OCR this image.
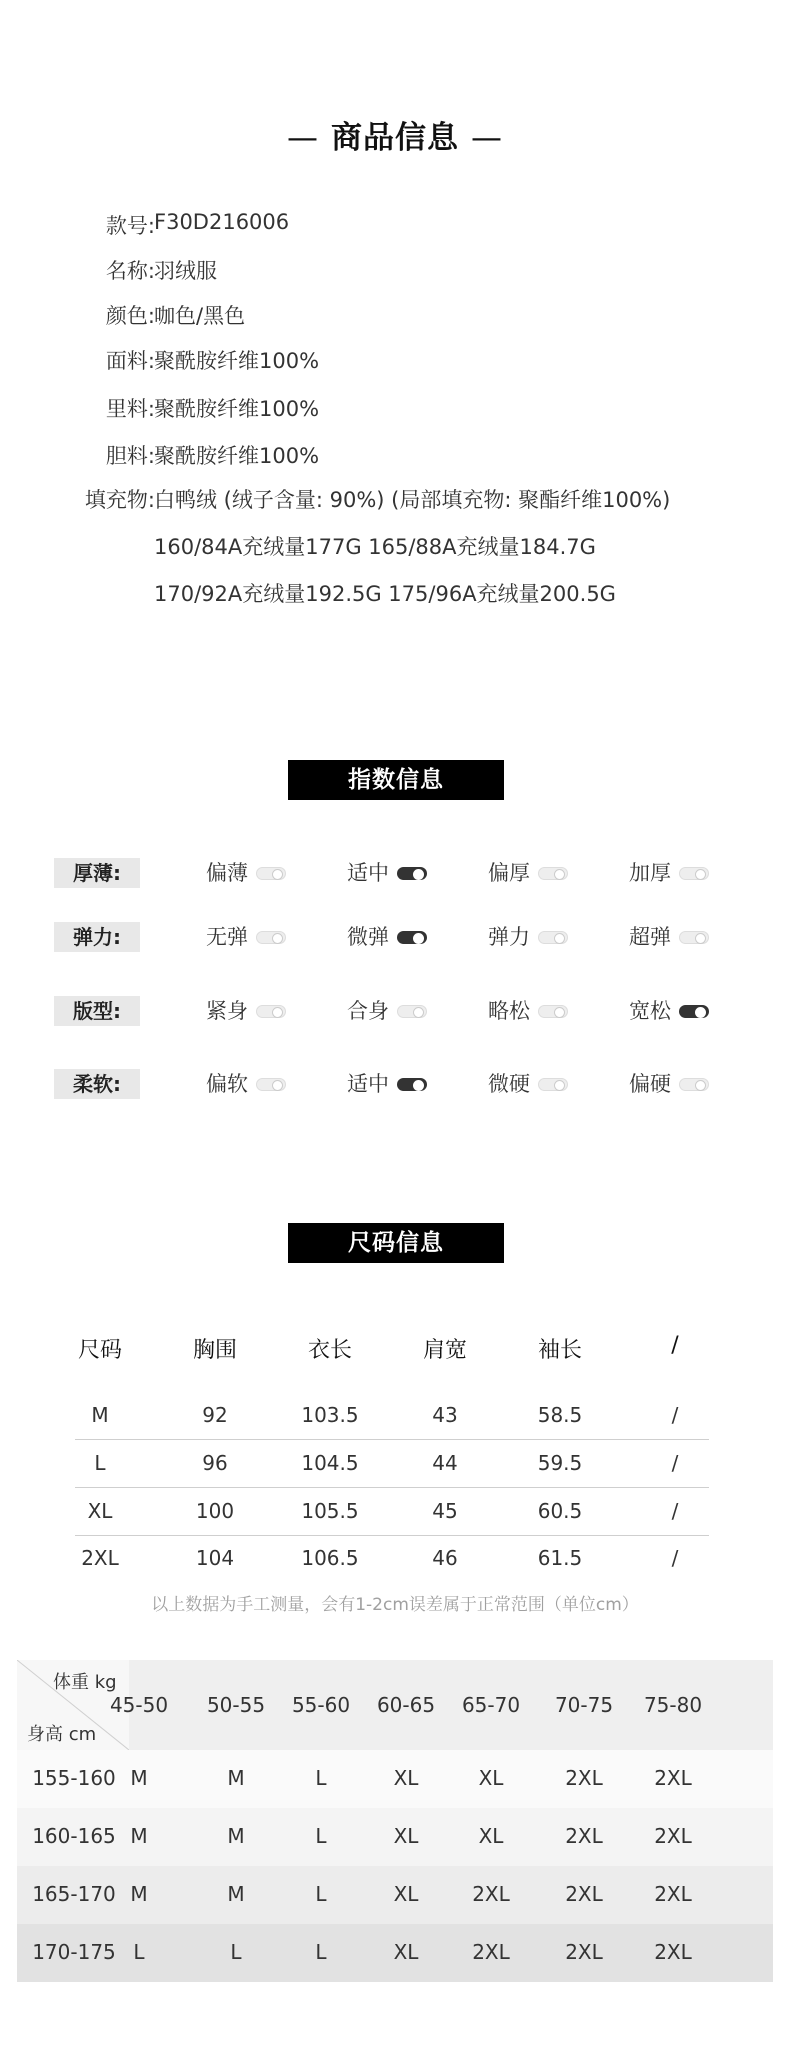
— 商品信息 —
款号: F30D216006
名称: 羽绒服
颜色: 咖色/黑色
面料: 聚酰胺纤维100%
里料: 聚酰胺纤维100%
胆料: 聚酰胺纤维100%
填充物: 白鸭绒 (绒子含量: 90%) (局部填充物: 聚酯纤维100%)
160/84A充绒量177G 165/88A充绒量184.7G
170/92A充绒量192.5G 175/96A充绒量200.5G
指数信息
厚薄:	偏薄	适中	偏厚	加厚
弹力:	无弹	微弹	弹力	超弹
版型:	紧身	合身	略松	宽松
柔软:	偏软	适中	微硬	偏硬
尺码信息
尺码	胸围	衣长	肩宽	袖长	/
M	92	103.5	43	58.5	/
L	96	104.5	44	59.5	/
XL	100	105.5	45	60.5	/
2XL	104	106.5	46	61.5	/
以上数据为手工测量，会有1-2cm误差属于正常范围（单位cm）
体重 kg
身高 cm
45-50	50-55	55-60	60-65	65-70	70-75	75-80
155-160 M	M	L	XL	XL	2XL	2XL
160-165 M	M	L	XL	XL	2XL	2XL
165-170 M	M	L	XL	2XL	2XL	2XL
170-175 L	L	L	XL	2XL	2XL	2XL
